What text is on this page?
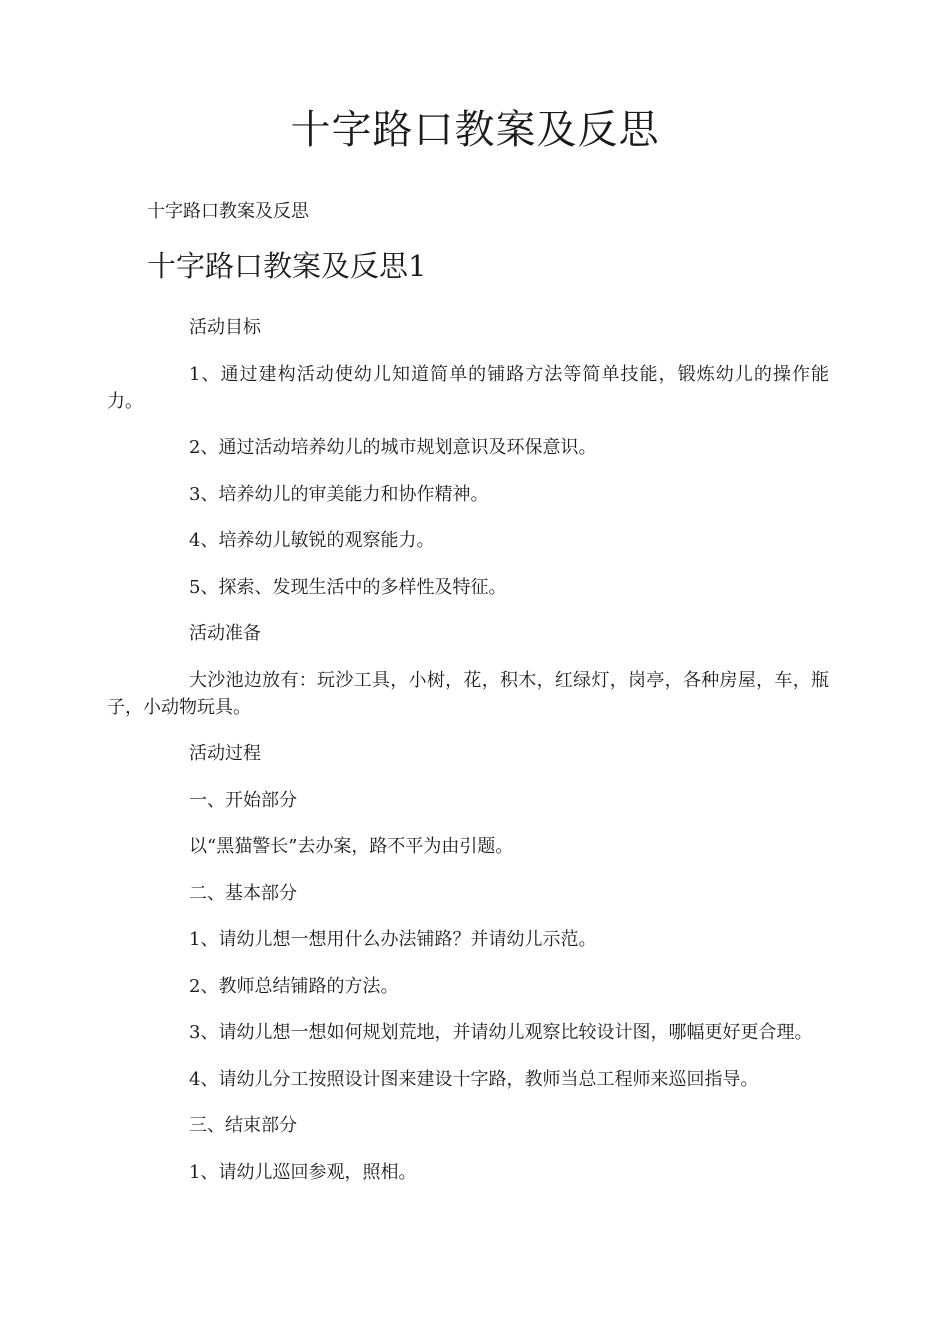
十字路口教案及反思

十字路口教案及反思

十字路口教案及反思1

活动目标

1、通过建构活动使幼儿知道简单的铺路方法等简单技能，锻炼幼儿的操作能力。

2、通过活动培养幼儿的城市规划意识及环保意识。

3、培养幼儿的审美能力和协作精神。

4、培养幼儿敏锐的观察能力。

5、探索、发现生活中的多样性及特征。

活动准备

大沙池边放有：玩沙工具，小树，花，积木，红绿灯，岗亭，各种房屋，车，瓶子，小动物玩具。

活动过程

一、开始部分

以“黑猫警长”去办案，路不平为由引题。

二、基本部分

1、请幼儿想一想用什么办法铺路？并请幼儿示范。

2、教师总结铺路的方法。

3、请幼儿想一想如何规划荒地，并请幼儿观察比较设计图，哪幅更好更合理。

4、请幼儿分工按照设计图来建设十字路，教师当总工程师来巡回指导。

三、结束部分

1、请幼儿巡回参观，照相。
